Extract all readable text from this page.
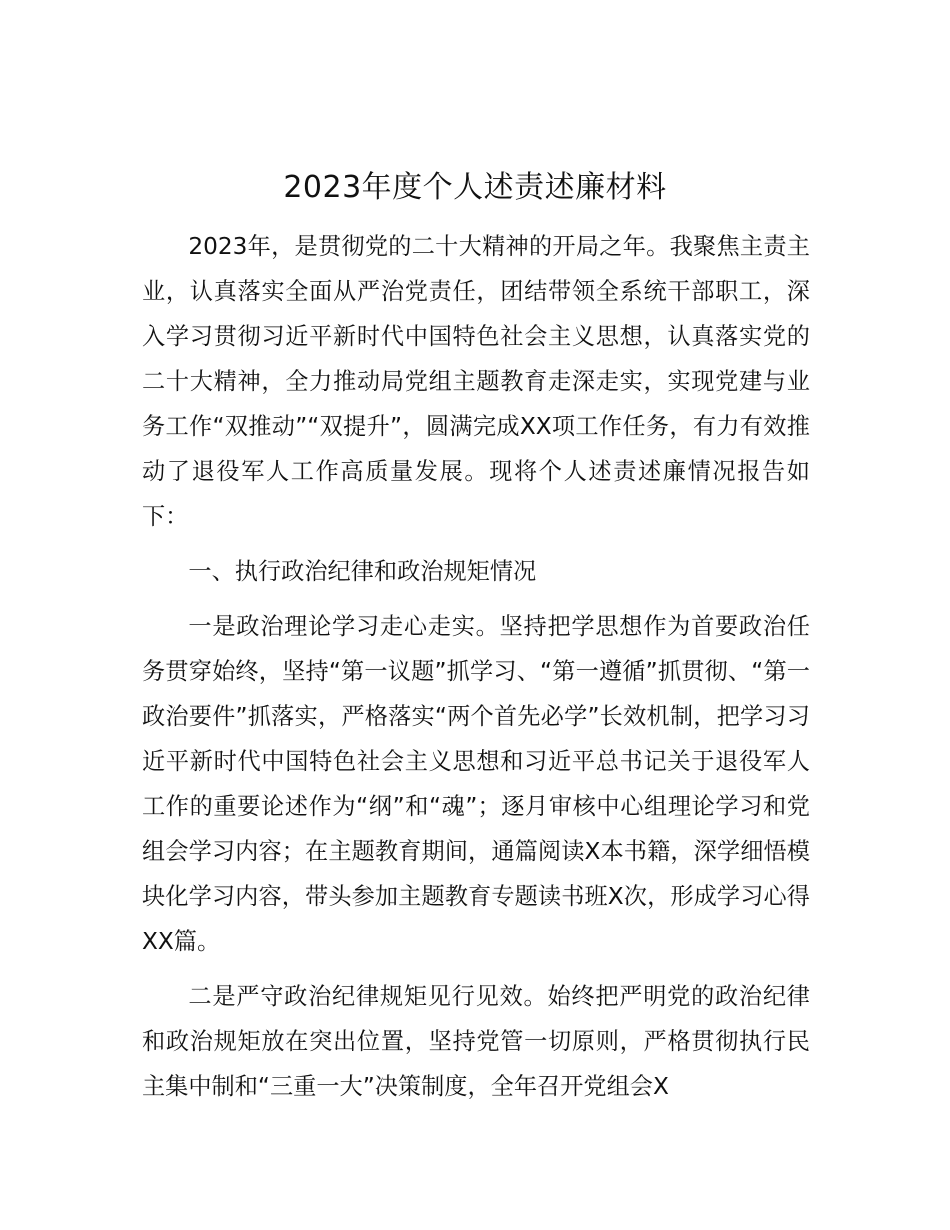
2023年度个人述责述廉材料

2023年，是贯彻党的二十大精神的开局之年。我聚焦主责主业，认真落实全面从严治党责任，团结带领全系统干部职工，深入学习贯彻习近平新时代中国特色社会主义思想，认真落实党的二十大精神，全力推动局党组主题教育走深走实，实现党建与业务工作“双推动”“双提升”，圆满完成XX项工作任务，有力有效推动了退役军人工作高质量发展。现将个人述责述廉情况报告如下：

一、执行政治纪律和政治规矩情况

一是政治理论学习走心走实。坚持把学思想作为首要政治任务贯穿始终，坚持“第一议题”抓学习、“第一遵循”抓贯彻、“第一政治要件”抓落实，严格落实“两个首先必学”长效机制，把学习习近平新时代中国特色社会主义思想和习近平总书记关于退役军人工作的重要论述作为“纲”和“魂”；逐月审核中心组理论学习和党组会学习内容；在主题教育期间，通篇阅读X本书籍，深学细悟模块化学习内容，带头参加主题教育专题读书班X次，形成学习心得XX篇。

二是严守政治纪律规矩见行见效。始终把严明党的政治纪律和政治规矩放在突出位置，坚持党管一切原则，严格贯彻执行民主集中制和“三重一大”决策制度，全年召开党组会X
